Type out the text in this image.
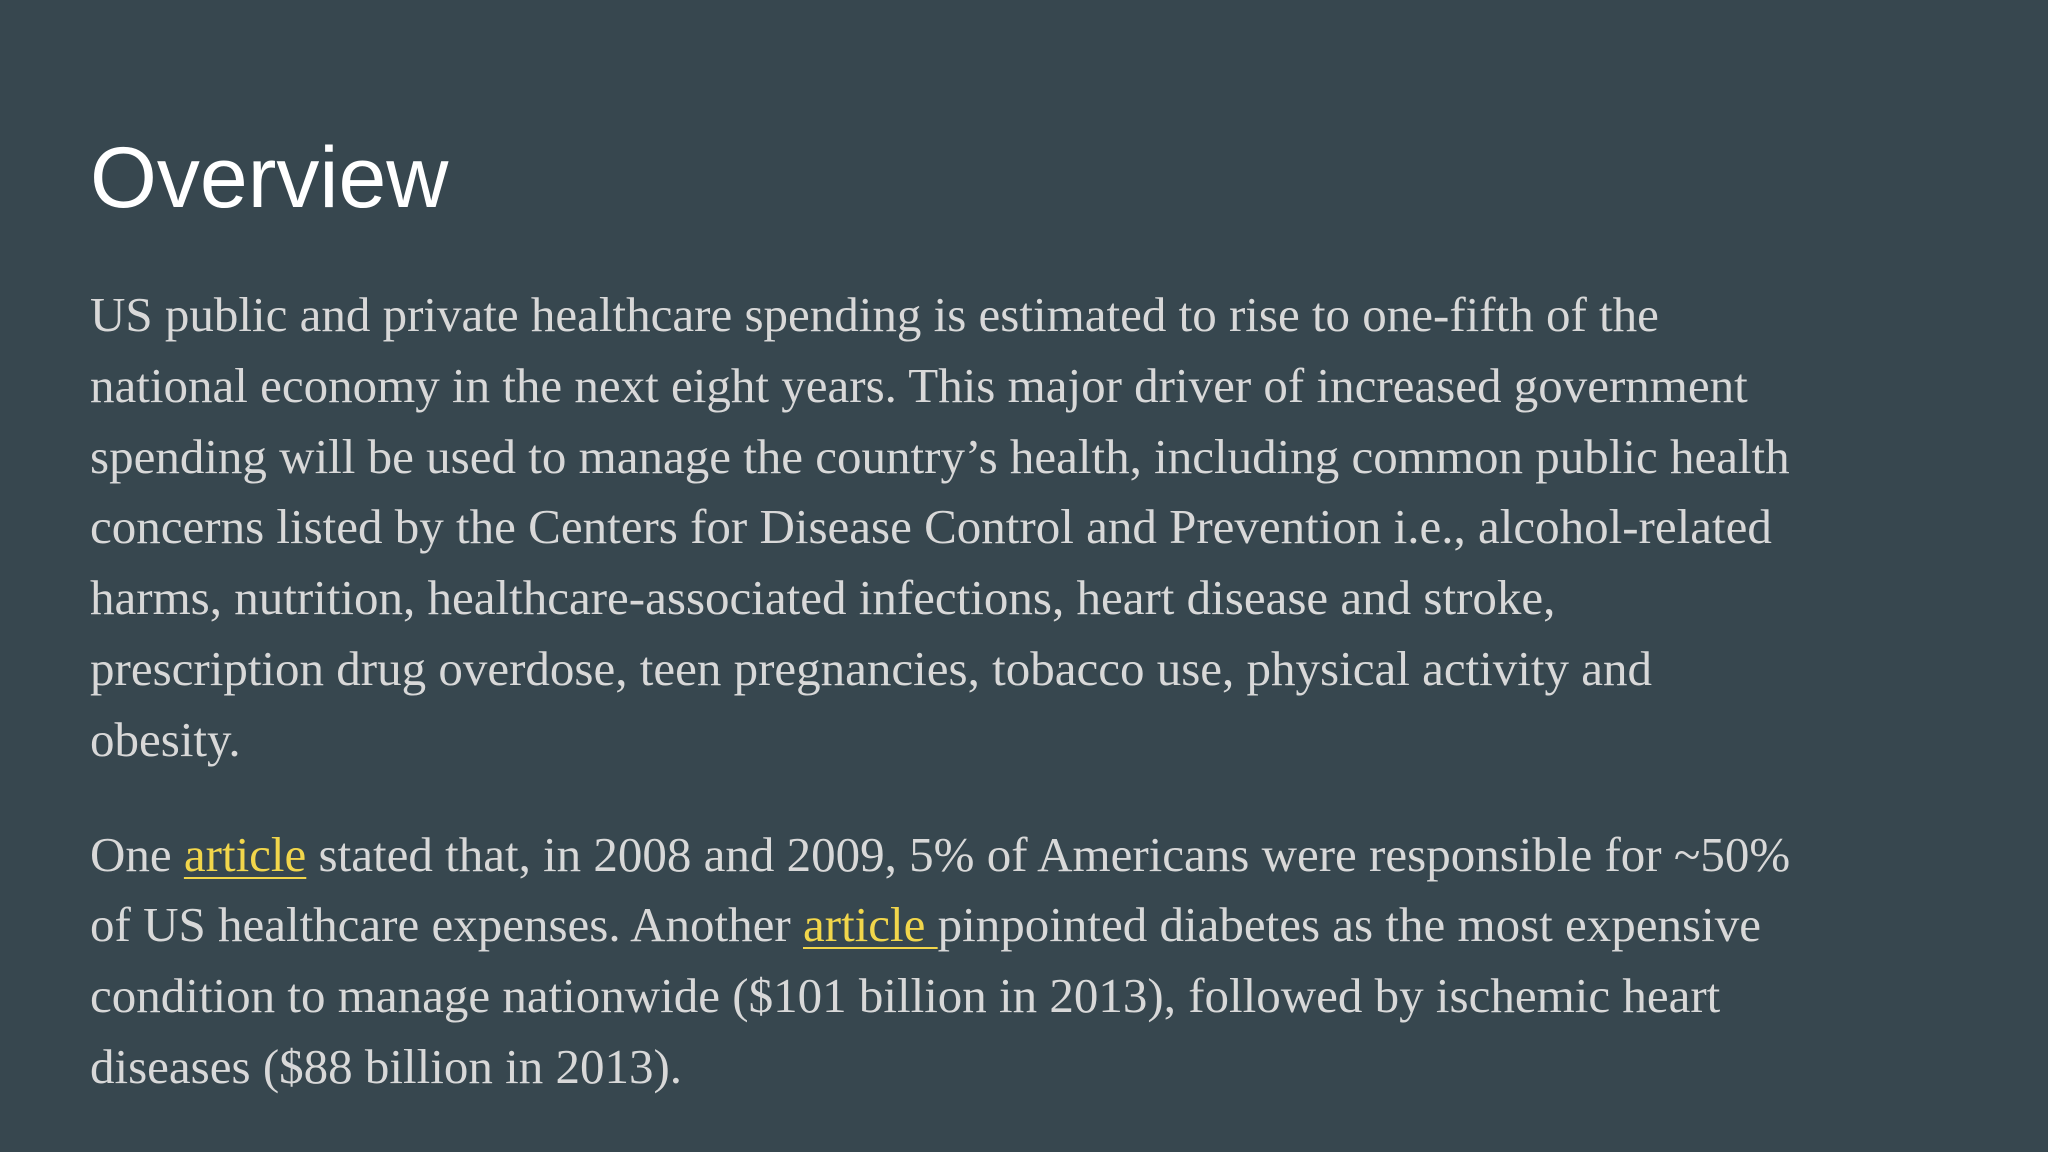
Overview

US public and private healthcare spending is estimated to rise to one-fifth of the
national economy in the next eight years. This major driver of increased government
spending will be used to manage the country’s health, including common public health
concerns listed by the Centers for Disease Control and Prevention i.e., alcohol-related
harms, nutrition, healthcare-associated infections, heart disease and stroke,
prescription drug overdose, teen pregnancies, tobacco use, physical activity and
obesity.

One article stated that, in 2008 and 2009, 5% of Americans were responsible for ~50%
of US healthcare expenses. Another article pinpointed diabetes as the most expensive
condition to manage nationwide ($101 billion in 2013), followed by ischemic heart
diseases ($88 billion in 2013).
